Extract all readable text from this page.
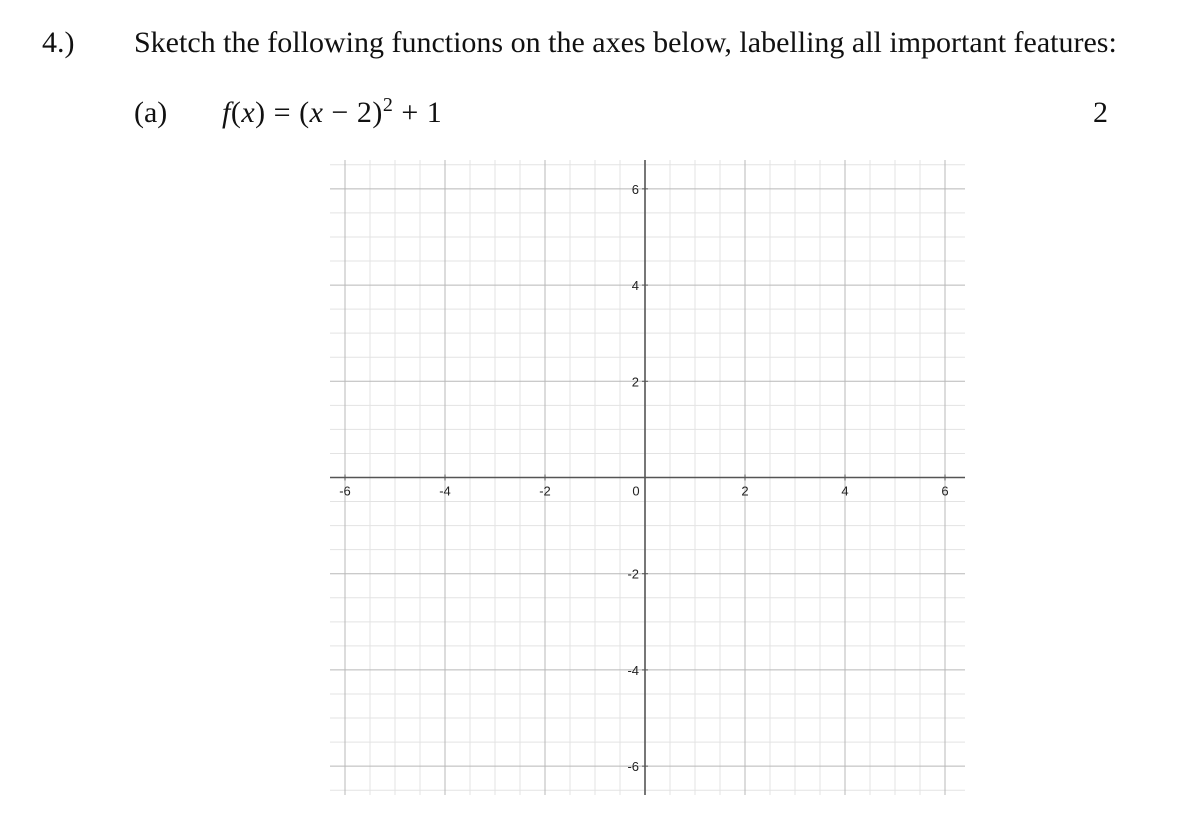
4.) Sketch the following functions on the axes below, labelling all important features:
(a) $f(x) = (x - 2)^2 + 1$	2
-6	-4	-2	0	2	4	6
6
4
2
-2
-4
-6
